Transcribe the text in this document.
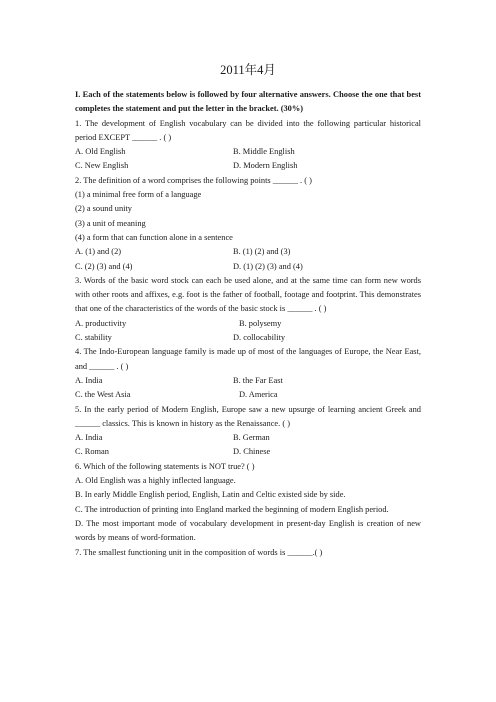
2011年4月
I. Each of the statements below is followed by four alternative answers. Choose the one that best completes the statement and put the letter in the bracket. (30%)
1. The development of English vocabulary can be divided into the following particular historical period EXCEPT ______ . ( )
A. Old English	B. Middle English
C. New English	D. Modern English
2. The definition of a word comprises the following points ______ . ( )
(1) a minimal free form of a language
(2) a sound unity
(3) a unit of meaning
(4) a form that can function alone in a sentence
A. (1) and (2)	B. (1) (2) and (3)
C. (2) (3) and (4)	D. (1) (2) (3) and (4)
3. Words of the basic word stock can each be used alone, and at the same time can form new words with other roots and affixes, e.g. foot is the father of football, footage and footprint. This demonstrates that one of the characteristics of the words of the basic stock is ______ . ( )
A. productivity	B. polysemy
C. stability	D. collocability
4. The Indo-European language family is made up of most of the languages of Europe, the Near East, and ______ . ( )
A. India	B. the Far East
C. the West Asia	D. America
5. In the early period of Modern English, Europe saw a new upsurge of learning ancient Greek and ______ classics. This is known in history as the Renaissance. ( )
A. India	B. German
C. Roman	D. Chinese
6. Which of the following statements is NOT true? ( )
A. Old English was a highly inflected language.
B. In early Middle English period, English, Latin and Celtic existed side by side.
C. The introduction of printing into England marked the beginning of modern English period.
D. The most important mode of vocabulary development in present-day English is creation of new words by means of word-formation.
7. The smallest functioning unit in the composition of words is ______.( )
